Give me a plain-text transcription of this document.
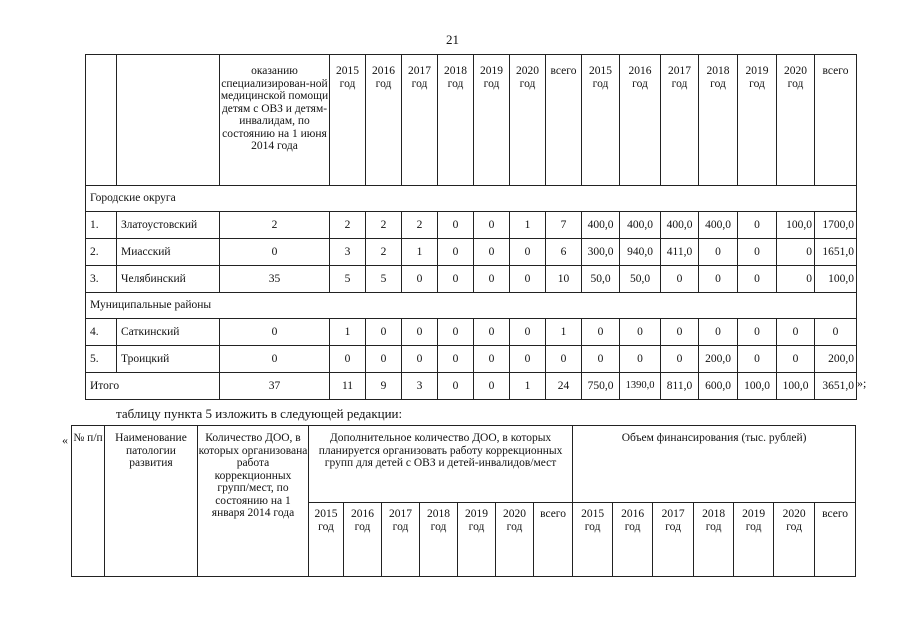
21
		оказанию специализирован-ной медицинской помощи детям с ОВЗ и детям-инвалидам, по состоянию на 1 июня 2014 года	2015 год	2016 год	2017 год	2018 год	2019 год	2020 год	всего	2015 год	2016 год	2017 год	2018 год	2019 год	2020 год	всего
Городские округа																
1.	Златоустовский	2	2	2	2	0	0	1	7	400,0	400,0	400,0	400,0	0	100,0	1700,0
2.	Миасский	0	3	2	1	0	0	0	6	300,0	940,0	411,0	0	0	0	1651,0
3.	Челябинский	35	5	5	0	0	0	0	10	50,0	50,0	0	0	0	0	100,0
Муниципальные районы																
4.	Саткинский	0	1	0	0	0	0	0	1	0	0	0	0	0	0	0
5.	Троицкий	0	0	0	0	0	0	0	0	0	0	0	200,0	0	0	200,0
Итого		37	11	9	3	0	0	1	24	750,0	1390,0	811,0	600,0	100,0	100,0	3651,0 »;
таблицу пункта 5 изложить в следующей редакции:
« № п/п	Наименование патологии развития	Количество ДОО, в которых организована работа коррекционных групп/мест, по состоянию на 1 января 2014 года	Дополнительное количество ДОО, в которых планируется организовать работу коррекционных групп для детей с ОВЗ и детей-инвалидов/мест							Объем финансирования (тыс. рублей)						
			2015 год	2016 год	2017 год	2018 год	2019 год	2020 год	всего	2015 год	2016 год	2017 год	2018 год	2019 год	2020 год	всего
